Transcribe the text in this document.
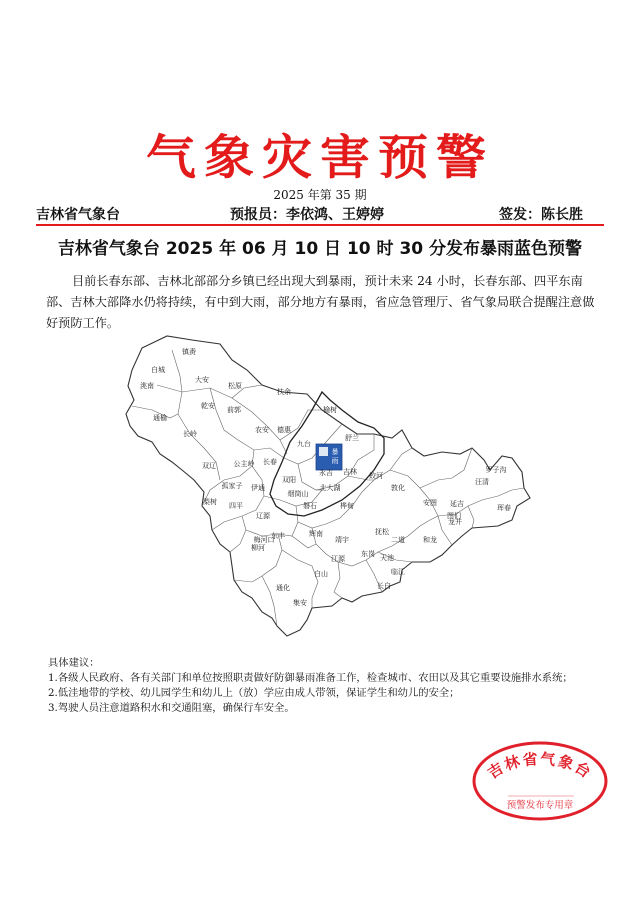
气象灾害预警
2025 年第 35 期
吉林省气象台	预报员：李依鸿、王婷婷	签发：陈长胜
吉林省气象台 2025 年 06 月 10 日 10 时 30 分发布暴雨蓝色预警
目前长春东部、吉林北部部分乡镇已经出现大到暴雨，预计未来 24 小时，长春东部、四平东南部、吉林大部降水仍将持续，有中到大雨，部分地方有暴雨，省应急管理厅、省气象局联合提醒注意做好预防工作。
暴
雨
镇赉
白城
洮南
大安
松原
乾安
扶余
通榆
前郭	榆树
长岭	农安 德惠
舒兰
九台
长春
公主岭
双辽
永吉 吉林 蛟河
双阳
伊通
四平
梨树
孤家子
烟筒山
北大湖
磐石	桦甸
敦化
安图 延吉
汪清
罗子沟
图们
珲春
龙井
和龙
辽源
东丰
梅河口
柳河
辉南
靖宇
抚松
二道
东岗 天池
江源
临江
白山
通化
集安
长白
具体建议：
1.各级人民政府、各有关部门和单位按照职责做好防御暴雨准备工作，检查城市、农田以及其它重要设施排水系统；
2.低洼地带的学校、幼儿园学生和幼儿上（放）学应由成人带领，保证学生和幼儿的安全；
3.驾驶人员注意道路积水和交通阻塞，确保行车安全。
吉林省气象台
预警发布专用章
